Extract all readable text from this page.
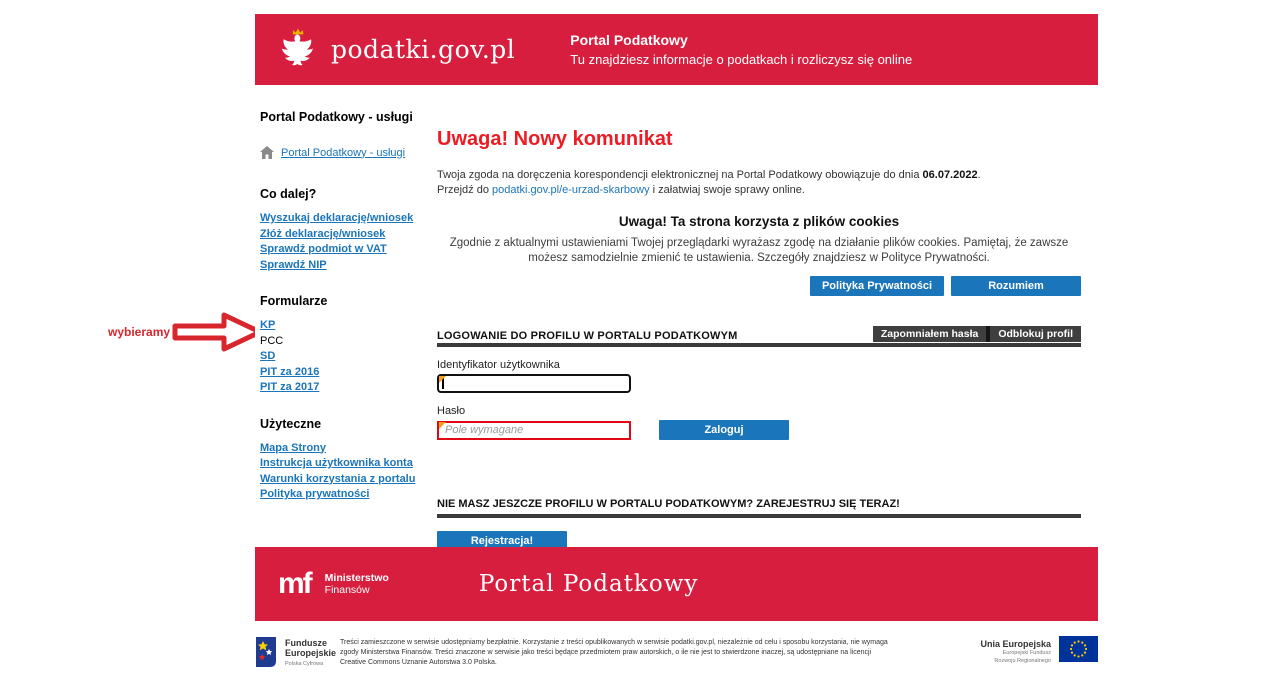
wybieramy
podatki.gov.pl	Portal Podatkowy
Tu znajdziesz informacje o podatkach i rozliczysz się online
Portal Podatkowy - usługi
Portal Podatkowy - usługi
Co dalej?
Wyszukaj deklarację/wniosek
Złóż deklarację/wniosek
Sprawdź podmiot w VAT
Sprawdź NIP
Formularze
KP
PCC
SD
PIT za 2016
PIT za 2017
Użyteczne
Mapa Strony
Instrukcja użytkownika konta
Warunki korzystania z portalu
Polityka prywatności
Uwaga! Nowy komunikat
Twoja zgoda na doręczenia korespondencji elektronicznej na Portal Podatkowy obowiązuje do dnia 06.07.2022.
Przejdź do podatki.gov.pl/e-urzad-skarbowy i załatwiaj swoje sprawy online.
Uwaga! Ta strona korzysta z plików cookies
Zgodnie z aktualnymi ustawieniami Twojej przeglądarki wyrażasz zgodę na działanie plików cookies. Pamiętaj, że zawsze możesz samodzielnie zmienić te ustawienia. Szczegóły znajdziesz w Polityce Prywatności.
Polityka Prywatności	Rozumiem
LOGOWANIE DO PROFILU W PORTALU PODATKOWYM	Zapomniałem hasła	Odblokuj profil
Identyfikator użytkownika
Hasło
Pole wymagane
Zaloguj
NIE MASZ JESZCZE PROFILU W PORTALU PODATKOWYM? ZAREJESTRUJ SIĘ TERAZ!
Rejestracja!
mf Ministerstwo
Finansów	Portal Podatkowy
Fundusze
Europejskie
Polska Cyfrowa
Treści zamieszczone w serwisie udostępniamy bezpłatnie. Korzystanie z treści opublikowanych w serwisie podatki.gov.pl, niezależnie od celu i sposobu korzystania, nie wymaga
zgody Ministerstwa Finansów. Treści znaczone w serwisie jako treści będące przedmiotem praw autorskich, o ile nie jest to stwierdzone inaczej, są udostępniane na licencji
Creative Commons Uznanie Autorstwa 3.0 Polska.
Unia Europejska
Europejski Fundusz
Rozwoju Regionalnego
